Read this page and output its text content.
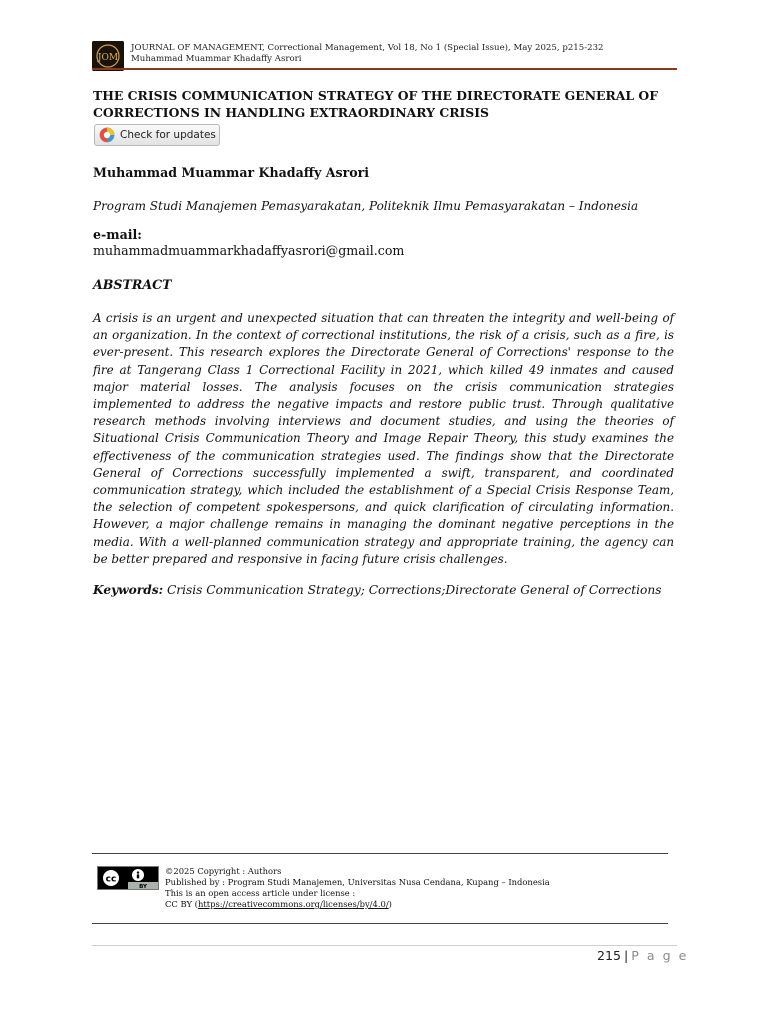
JOM
JOURNAL OF MANAGEMENT, Correctional Management, Vol 18, No 1 (Special Issue), May 2025, p215-232
Muhammad Muammar Khadaffy Asrori
THE CRISIS COMMUNICATION STRATEGY OF THE DIRECTORATE GENERAL OF CORRECTIONS IN HANDLING EXTRAORDINARY CRISIS
Check for updates
Muhammad Muammar Khadaffy Asrori
Program Studi Manajemen Pemasyarakatan, Politeknik Ilmu Pemasyarakatan – Indonesia
e-mail:
muhammadmuammarkhadaffyasrori@gmail.com
ABSTRACT

A crisis is an urgent and unexpected situation that can threaten the integrity and well-being of an organization. In the context of correctional institutions, the risk of a crisis, such as a fire, is ever-present. This research explores the Directorate General of Corrections' response to the fire at Tangerang Class 1 Correctional Facility in 2021, which killed 49 inmates and caused major material losses. The analysis focuses on the crisis communication strategies implemented to address the negative impacts and restore public trust. Through qualitative research methods involving interviews and document studies, and using the theories of Situational Crisis Communication Theory and Image Repair Theory, this study examines the effectiveness of the communication strategies used. The findings show that the Directorate General of Corrections successfully implemented a swift, transparent, and coordinated communication strategy, which included the establishment of a Special Crisis Response Team, the selection of competent spokespersons, and quick clarification of circulating information. However, a major challenge remains in managing the dominant negative perceptions in the media. With a well-planned communication strategy and appropriate training, the agency can be better prepared and responsive in facing future crisis challenges.

Keywords: Crisis Communication Strategy; Corrections;Directorate General of Corrections
cc
BY
©2025 Copyright : Authors
Published by : Program Studi Manajemen, Universitas Nusa Cendana, Kupang – Indonesia
This is an open access article under license :
CC BY (https://creativecommons.org/licenses/by/4.0/)
215 | P a g e
